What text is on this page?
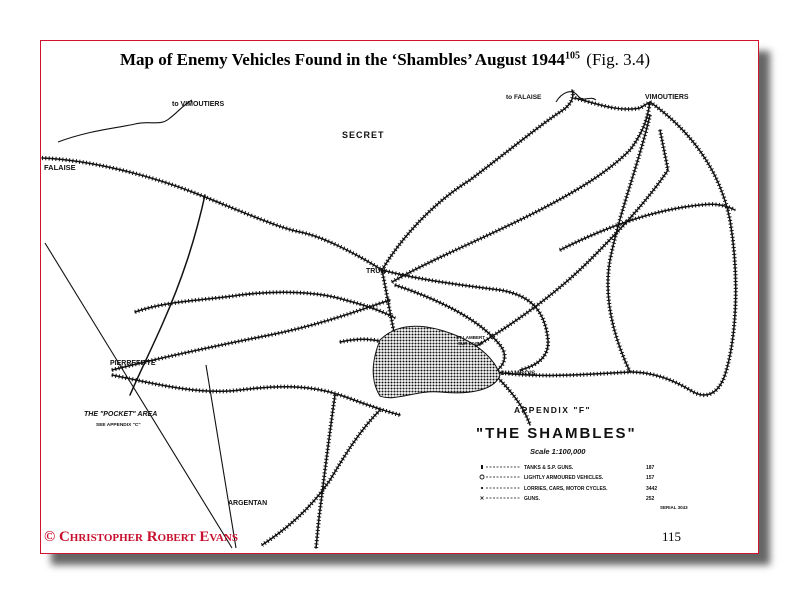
Map of Enemy Vehicles Found in the ‘Shambles’ August 1944$^{105}$ (Fig. 3.4)
to VIMOUTIERS
SECRET
FALAISE
to FALAISE	VIMOUTIERS
TRUN
PIERREFITTE
ST LAMBERT
SUR DIVES
CHAMBOIS
THE "POCKET" AREA
SEE APPENDIX "C"
ARGENTAN
APPENDIX "F"
"THE SHAMBLES"
Scale 1:100,000
TANKS & S.P. GUNS.	187
LIGHTLY ARMOURED VEHICLES.	157
LORRIES, CARS, MOTOR CYCLES.	3442
GUNS.	252
SERIAL 3043
© Christopher Robert Evans	115
